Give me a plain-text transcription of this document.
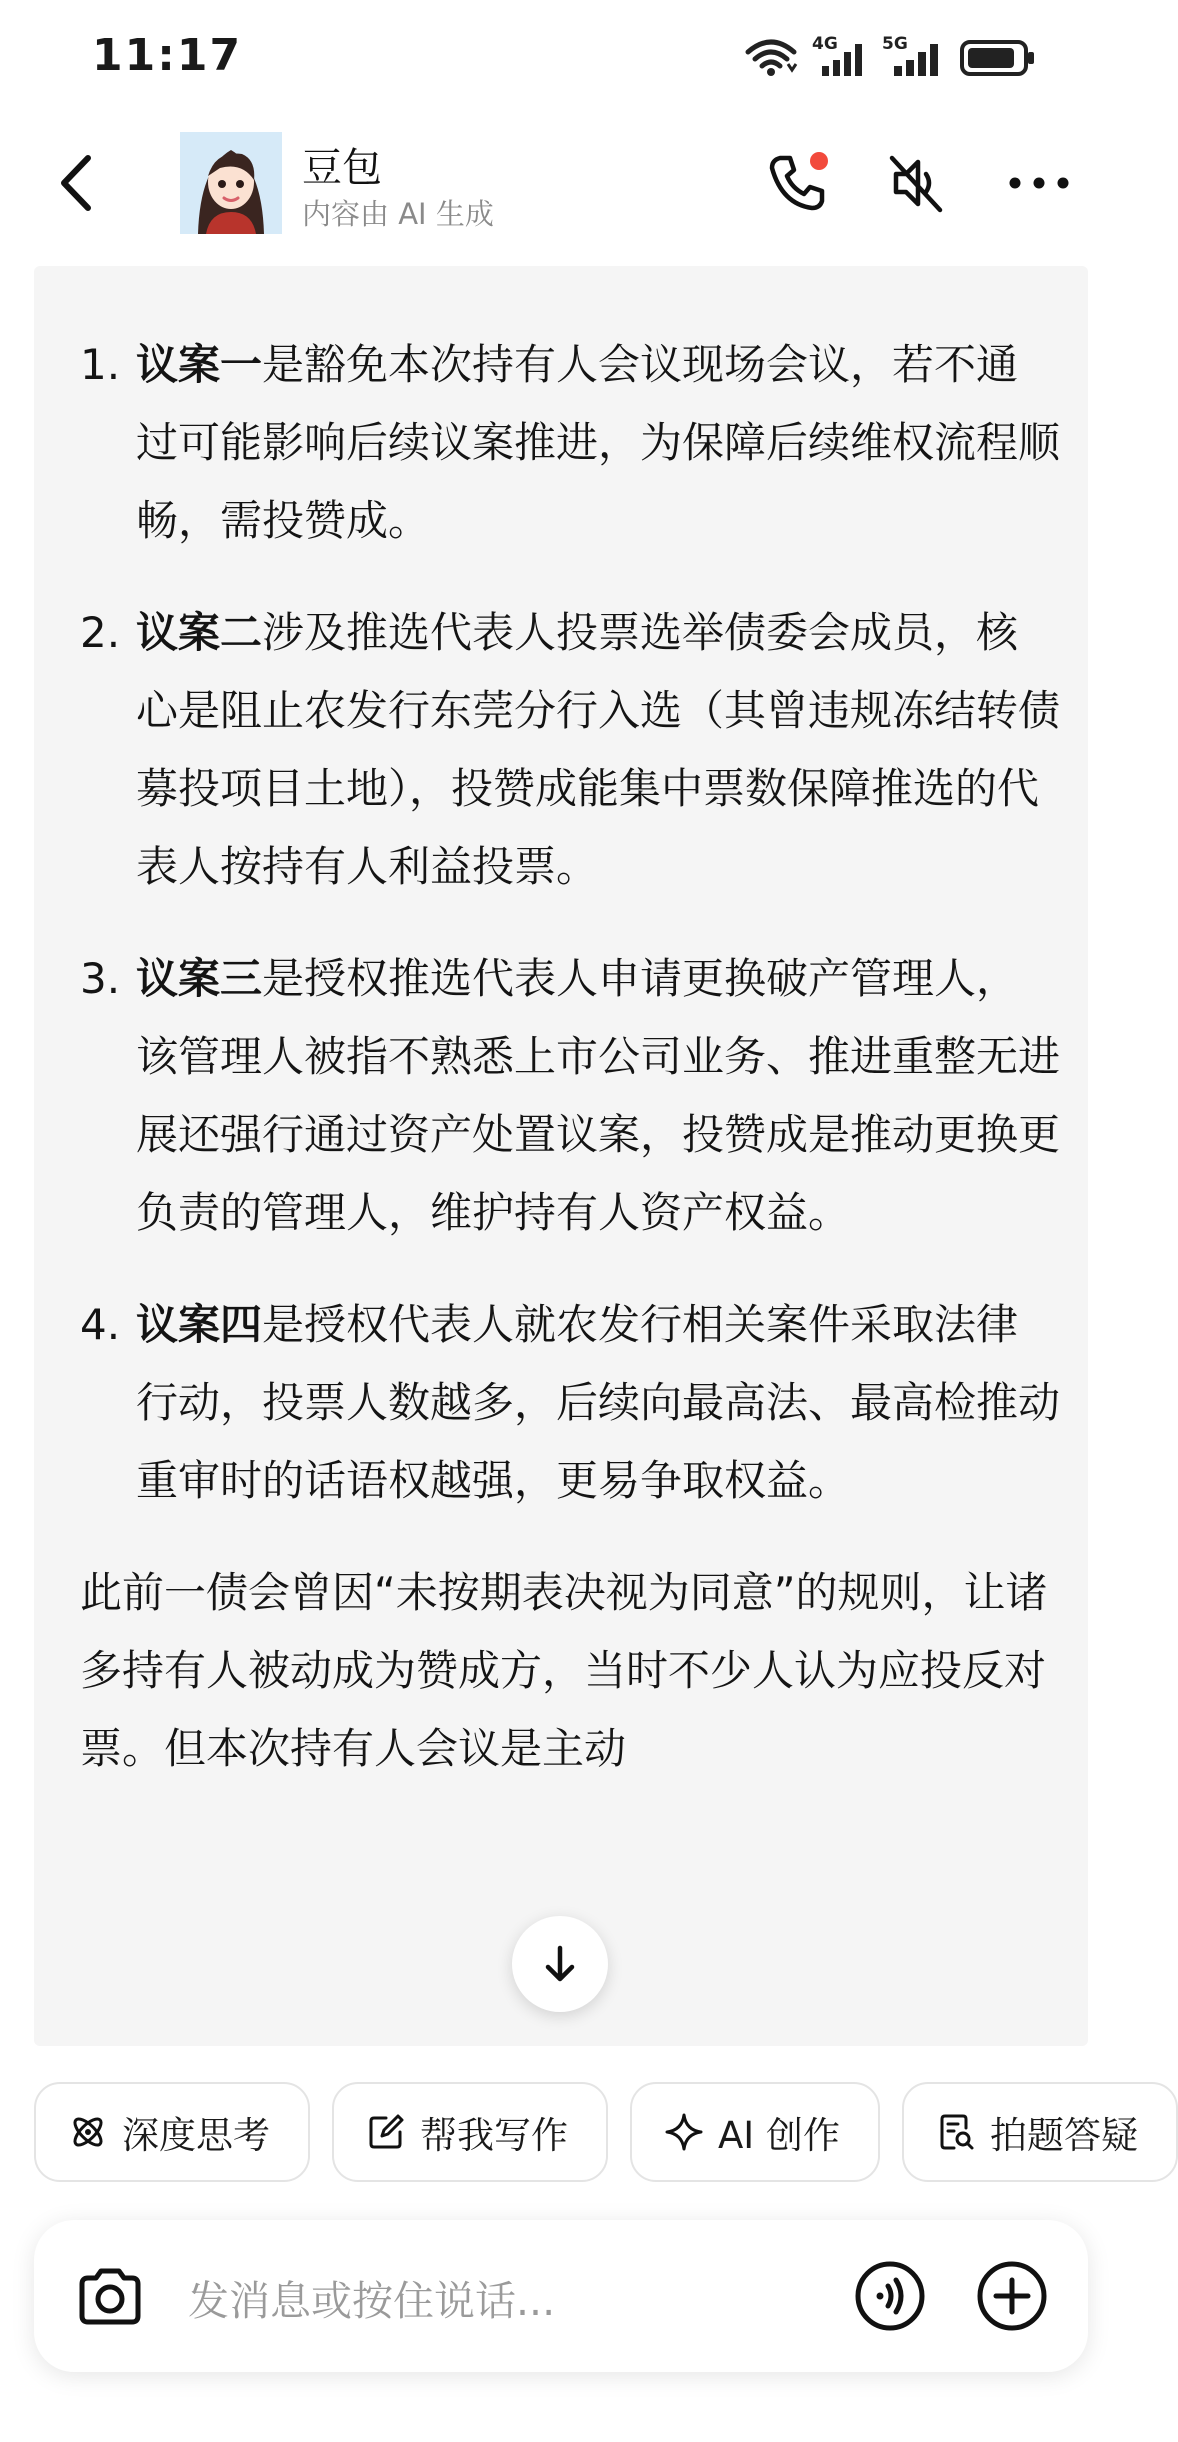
11:17	4G	5G
豆包
内容由 AI 生成
1. 议案一是豁免本次持有人会议现场会议，若不通过可能影响后续议案推进，为保障后续维权流程顺畅，需投赞成。
2. 议案二涉及推选代表人投票选举债委会成员，核心是阻止农发行东莞分行入选（其曾违规冻结转债募投项目土地），投赞成能集中票数保障推选的代表人按持有人利益投票。
3. 议案三是授权推选代表人申请更换破产管理人，该管理人被指不熟悉上市公司业务、推进重整无进展还强行通过资产处置议案，投赞成是推动更换更负责的管理人，维护持有人资产权益。
4. 议案四是授权代表人就农发行相关案件采取法律行动，投票人数越多，后续向最高法、最高检推动重审时的话语权越强，更易争取权益。
此前一债会曾因“未按期表决视为同意”的规则，让诸多持有人被动成为赞成方，当时不少人认为应投反对票。但本次持有人会议是主动
深度思考	帮我写作	AI 创作	拍题答疑
发消息或按住说话...
